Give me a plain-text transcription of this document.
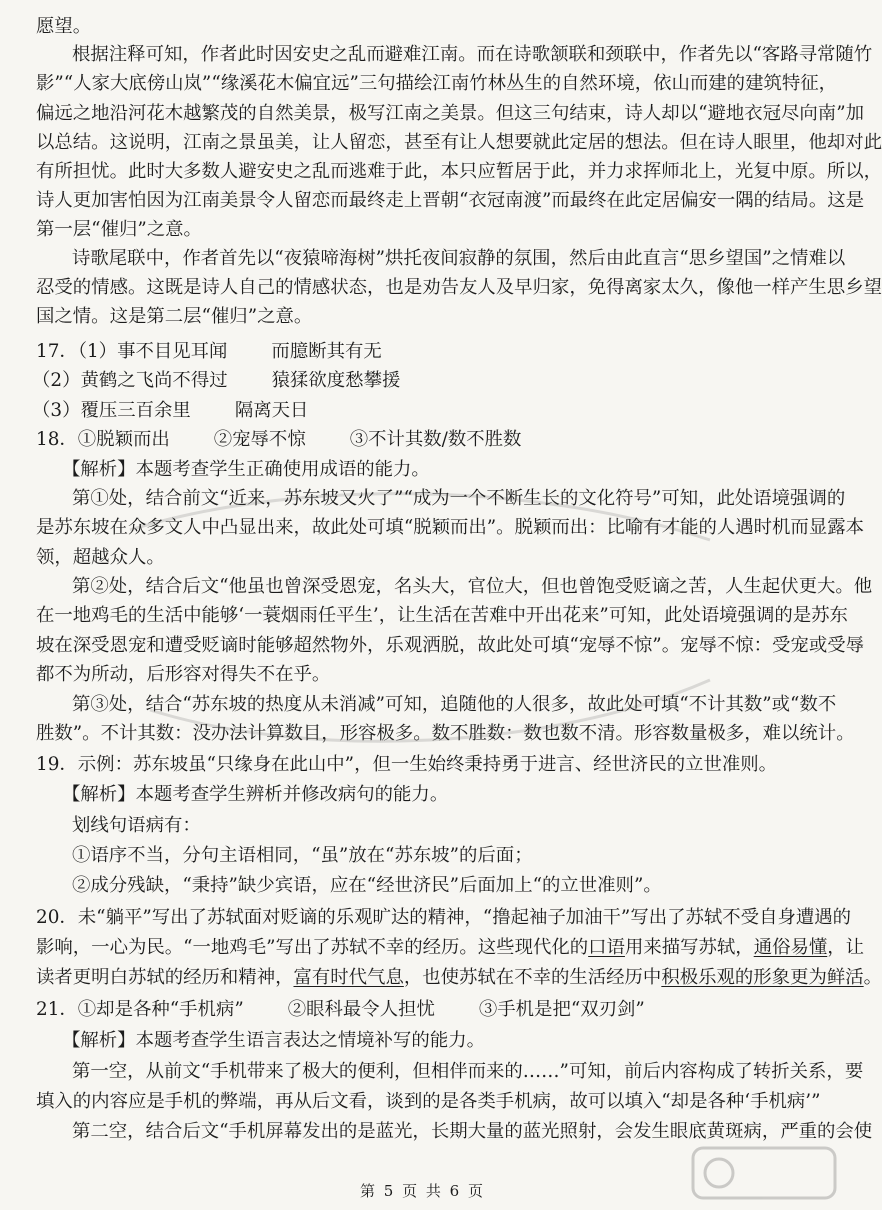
愿望。
根据注释可知，作者此时因安史之乱而避难江南。而在诗歌颔联和颈联中，作者先以“客路寻常随竹
影”“人家大底傍山岚”“缘溪花木偏宜远”三句描绘江南竹林丛生的自然环境，依山而建的建筑特征，
偏远之地沿河花木越繁茂的自然美景，极写江南之美景。但这三句结束，诗人却以“避地衣冠尽向南”加
以总结。这说明，江南之景虽美，让人留恋，甚至有让人想要就此定居的想法。但在诗人眼里，他却对此
有所担忧。此时大多数人避安史之乱而逃难于此，本只应暂居于此，并力求挥师北上，光复中原。所以，
诗人更加害怕因为江南美景令人留恋而最终走上晋朝“衣冠南渡”而最终在此定居偏安一隅的结局。这是
第一层“催归”之意。
诗歌尾联中，作者首先以“夜猿啼海树”烘托夜间寂静的氛围，然后由此直言“思乡望国”之情难以
忍受的情感。这既是诗人自己的情感状态，也是劝告友人及早归家，免得离家太久，像他一样产生思乡望
国之情。这是第二层“催归”之意。
17．（1）事不目见耳闻 而臆断其有无
（2）黄鹤之飞尚不得过 猿猱欲度愁攀援
（3）覆压三百余里 隔离天日
18．①脱颖而出 ②宠辱不惊 ③不计其数/数不胜数
【解析】本题考查学生正确使用成语的能力。
第①处，结合前文“近来，苏东坡又火了”“成为一个不断生长的文化符号”可知，此处语境强调的
是苏东坡在众多文人中凸显出来，故此处可填“脱颖而出”。脱颖而出：比喻有才能的人遇时机而显露本
领，超越众人。
第②处，结合后文“他虽也曾深受恩宠，名头大，官位大，但也曾饱受贬谪之苦，人生起伏更大。他
在一地鸡毛的生活中能够‘一蓑烟雨任平生’，让生活在苦难中开出花来”可知，此处语境强调的是苏东
坡在深受恩宠和遭受贬谪时能够超然物外，乐观洒脱，故此处可填“宠辱不惊”。宠辱不惊：受宠或受辱
都不为所动，后形容对得失不在乎。
第③处，结合“苏东坡的热度从未消减”可知，追随他的人很多，故此处可填“不计其数”或“数不
胜数”。不计其数：没办法计算数目，形容极多。数不胜数：数也数不清。形容数量极多，难以统计。
19．示例：苏东坡虽“只缘身在此山中”，但一生始终秉持勇于进言、经世济民的立世准则。
【解析】本题考查学生辨析并修改病句的能力。
划线句语病有：
①语序不当，分句主语相同，“虽”放在“苏东坡”的后面；
②成分残缺，“秉持”缺少宾语，应在“经世济民”后面加上“的立世准则”。
20．未“躺平”写出了苏轼面对贬谪的乐观旷达的精神，“撸起袖子加油干”写出了苏轼不受自身遭遇的
影响，一心为民。“一地鸡毛”写出了苏轼不幸的经历。这些现代化的口语用来描写苏轼，通俗易懂，让
读者更明白苏轼的经历和精神，富有时代气息，也使苏轼在不幸的生活经历中积极乐观的形象更为鲜活。
21．①却是各种“手机病” ②眼科最令人担忧 ③手机是把“双刃剑”
【解析】本题考查学生语言表达之情境补写的能力。
第一空，从前文“手机带来了极大的便利，但相伴而来的……”可知，前后内容构成了转折关系，要
填入的内容应是手机的弊端，再从后文看，谈到的是各类手机病，故可以填入“却是各种‘手机病’”
第二空，结合后文“手机屏幕发出的是蓝光，长期大量的蓝光照射，会发生眼底黄斑病，严重的会使
第 5 页 共 6 页
